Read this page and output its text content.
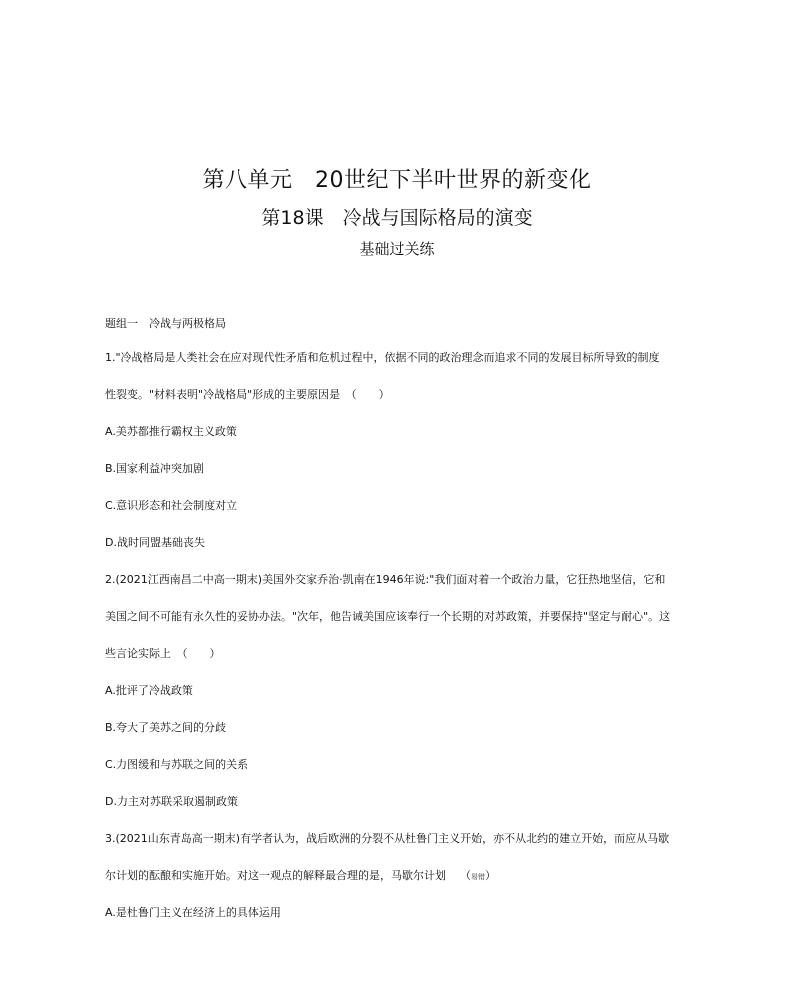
第八单元　20世纪下半叶世界的新变化
第18课　冷战与国际格局的演变
基础过关练
题组一　冷战与两极格局
1."冷战格局是人类社会在应对现代性矛盾和危机过程中，依据不同的政治理念而追求不同的发展目标所导致的制度
性裂变。"材料表明"冷战格局"形成的主要原因是　（　　）
A.美苏都推行霸权主义政策
B.国家利益冲突加剧
C.意识形态和社会制度对立
D.战时同盟基础丧失
2.(2021江西南昌二中高一期末)美国外交家乔治·凯南在1946年说:"我们面对着一个政治力量，它狂热地坚信，它和
美国之间不可能有永久性的妥协办法。"次年，他告诫美国应该奉行一个长期的对苏政策，并要保持"坚定与耐心"。这
些言论实际上　（　　）
A.批评了冷战政策
B.夸大了美苏之间的分歧
C.力图缓和与苏联之间的关系
D.力主对苏联采取遏制政策
3.(2021山东青岛高一期末)有学者认为，战后欧洲的分裂不从杜鲁门主义开始，亦不从北约的建立开始，而应从马歇
尔计划的酝酿和实施开始。对这一观点的解释最合理的是，马歇尔计划 （易错）
A.是杜鲁门主义在经济上的具体运用
